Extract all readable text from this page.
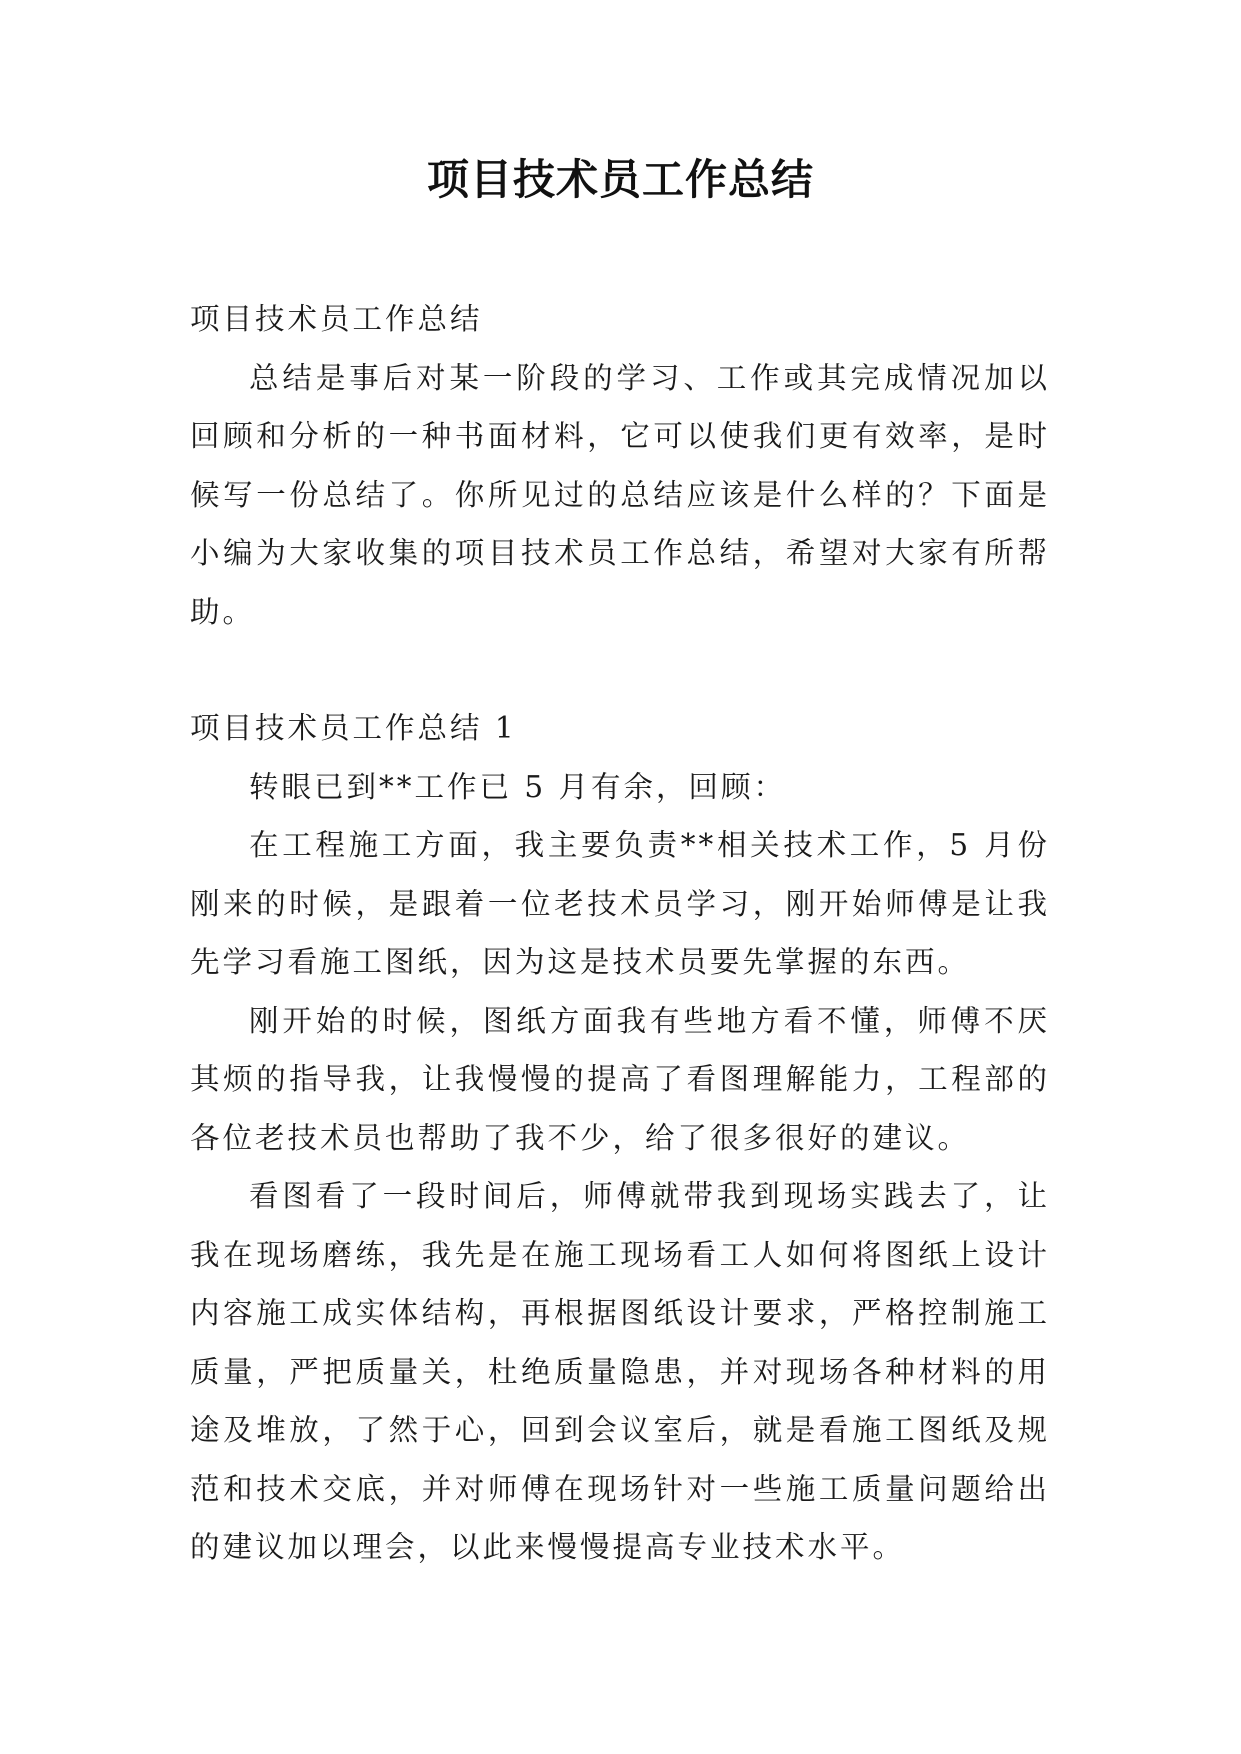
项目技术员工作总结

项目技术员工作总结

总结是事后对某一阶段的学习、工作或其完成情况加以回顾和分析的一种书面材料，它可以使我们更有效率，是时候写一份总结了。你所见过的总结应该是什么样的？下面是小编为大家收集的项目技术员工作总结，希望对大家有所帮助。

项目技术员工作总结 1

转眼已到**工作已 5 月有余，回顾：

在工程施工方面，我主要负责**相关技术工作，5 月份刚来的时候，是跟着一位老技术员学习，刚开始师傅是让我先学习看施工图纸，因为这是技术员要先掌握的东西。

刚开始的时候，图纸方面我有些地方看不懂，师傅不厌其烦的指导我，让我慢慢的提高了看图理解能力，工程部的各位老技术员也帮助了我不少，给了很多很好的建议。

看图看了一段时间后，师傅就带我到现场实践去了，让我在现场磨练，我先是在施工现场看工人如何将图纸上设计内容施工成实体结构，再根据图纸设计要求，严格控制施工质量，严把质量关，杜绝质量隐患，并对现场各种材料的用途及堆放，了然于心，回到会议室后，就是看施工图纸及规范和技术交底，并对师傅在现场针对一些施工质量问题给出的建议加以理会，以此来慢慢提高专业技术水平。
